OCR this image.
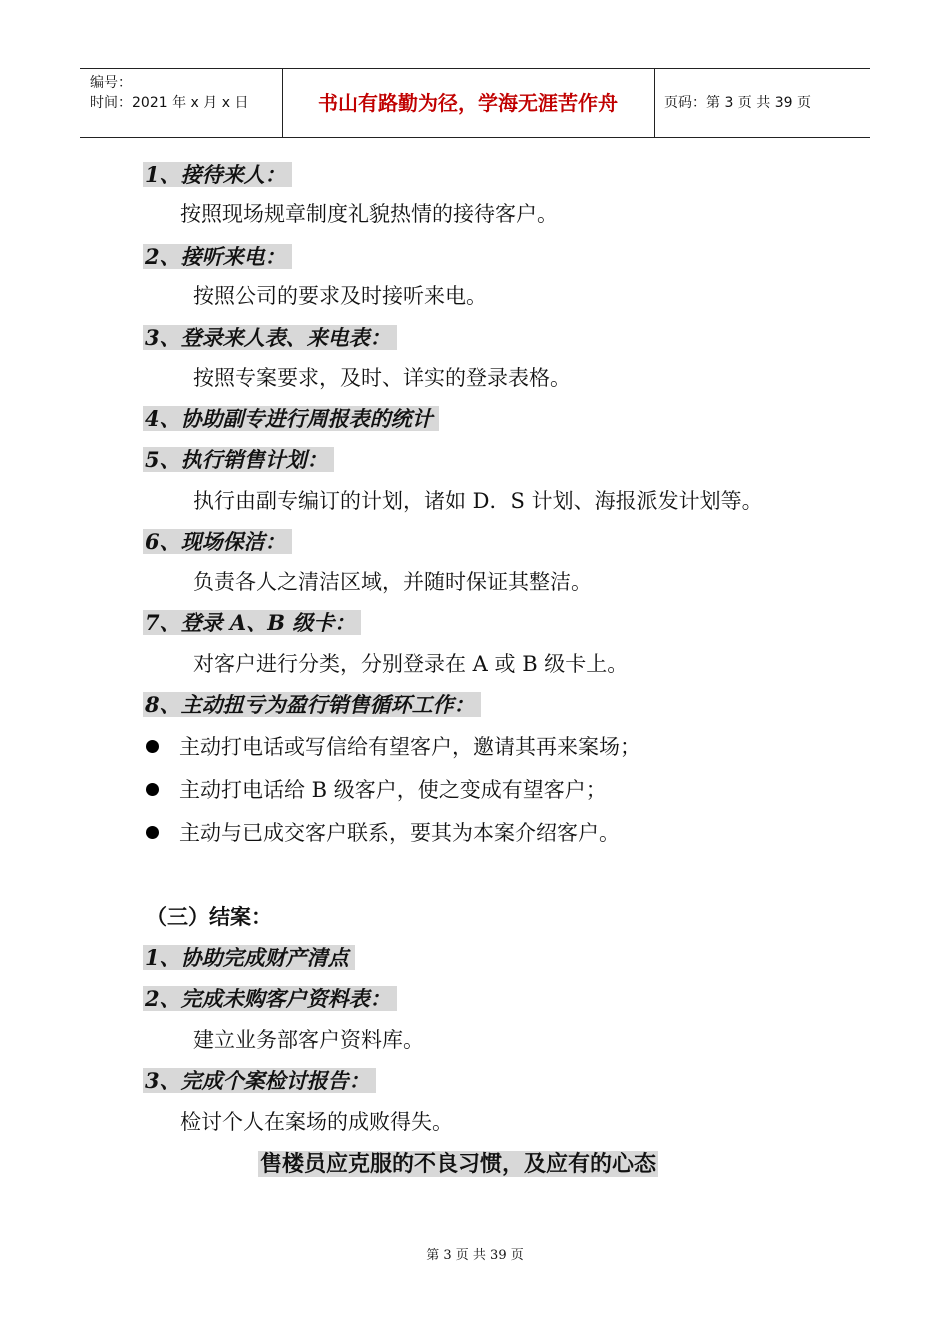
编号：
时间：2021 年 x 月 x 日	书山有路勤为径，学海无涯苦作舟	页码：第 3 页 共 39 页
1、接待来人：
按照现场规章制度礼貌热情的接待客户。
2、接听来电：
按照公司的要求及时接听来电。
3、登录来人表、来电表：
按照专案要求，及时、详实的登录表格。
4、协助副专进行周报表的统计
5、执行销售计划：
执行由副专编订的计划，诸如 D．S 计划、海报派发计划等。
6、现场保洁：
负责各人之清洁区域，并随时保证其整洁。
7、登录 A、B 级卡：
对客户进行分类，分别登录在 A 或 B 级卡上。
8、主动扭亏为盈行销售循环工作：
主动打电话或写信给有望客户，邀请其再来案场；
主动打电话给 B 级客户，使之变成有望客户；
主动与已成交客户联系，要其为本案介绍客户。
（三）结案：
1、协助完成财产清点
2、完成未购客户资料表：
建立业务部客户资料库。
3、完成个案检讨报告：
检讨个人在案场的成败得失。
售楼员应克服的不良习惯，及应有的心态
第 3 页 共 39 页
